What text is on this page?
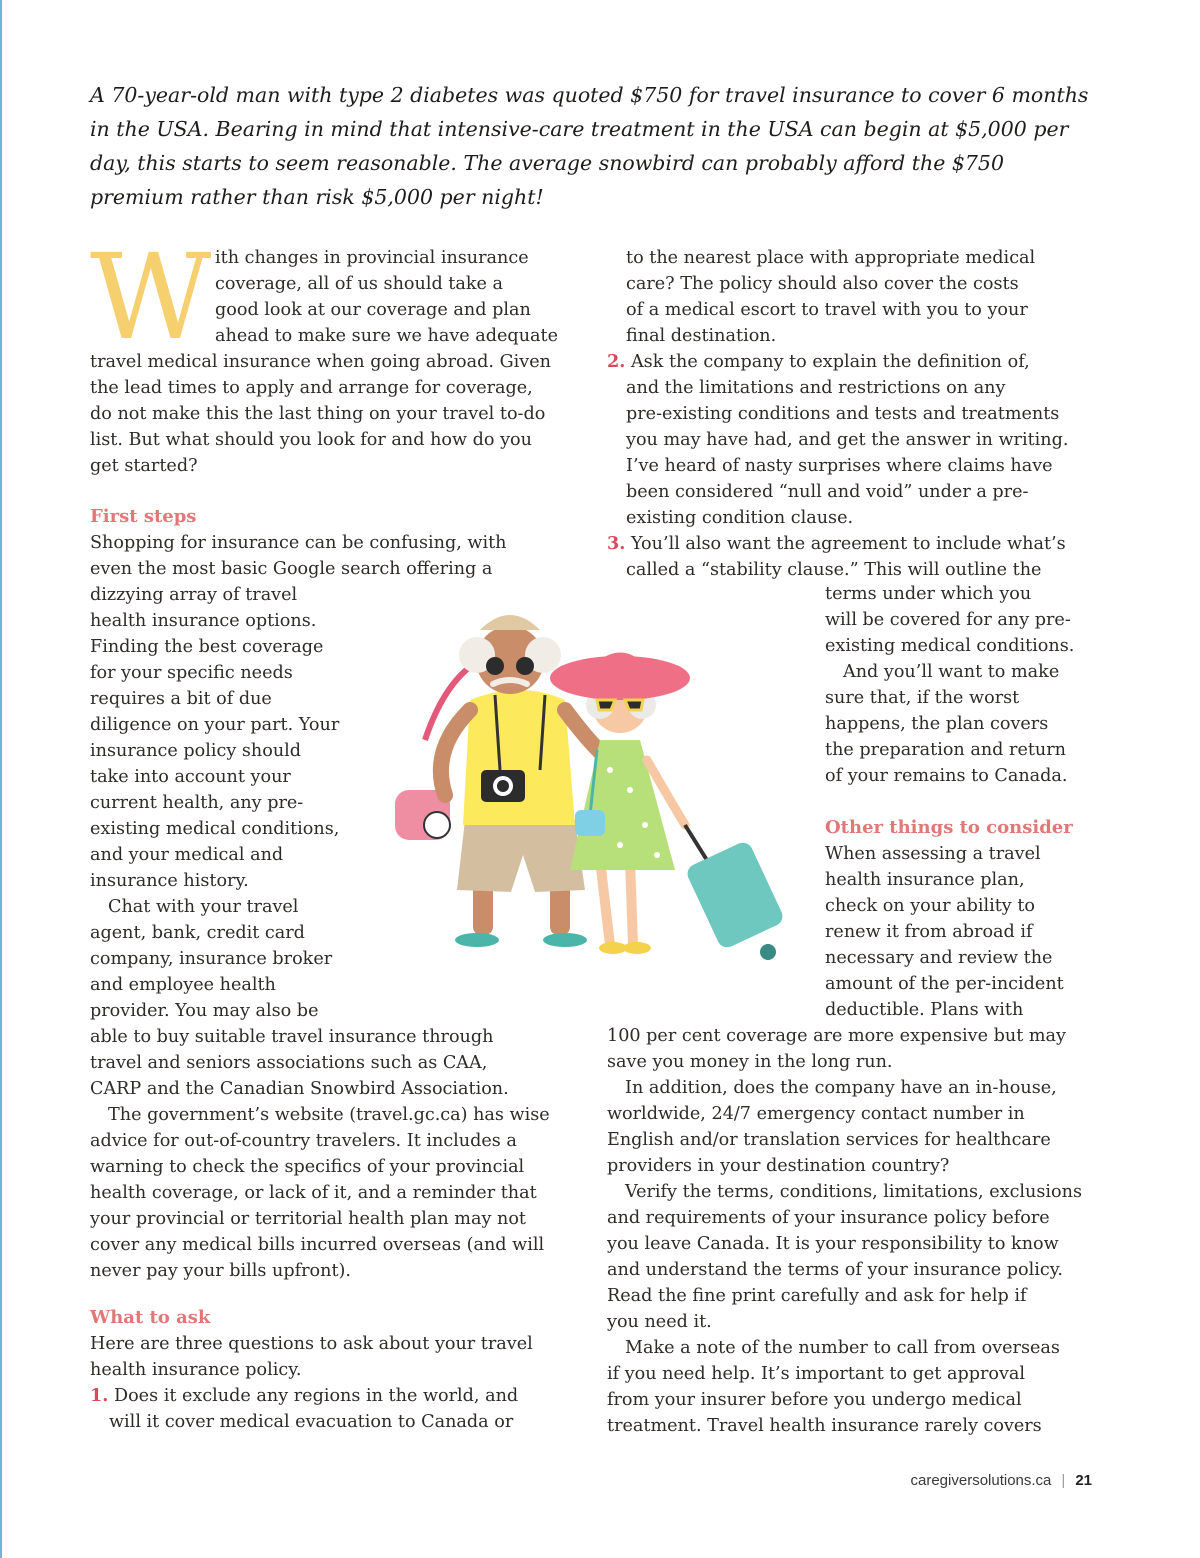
A 70-year-old man with type 2 diabetes was quoted $750 for travel insurance to cover 6 months in the USA. Bearing in mind that intensive-care treatment in the USA can begin at $5,000 per day, this starts to seem reasonable. The average snowbird can probably afford the $750 premium rather than risk $5,000 per night!

W ith changes in provincial insurance

coverage, all of us should take a

good look at our coverage and plan

ahead to make sure we have adequate

travel medical insurance when going abroad. Given the lead times to apply and arrange for coverage, do not make this the last thing on your travel to-do list. But what should you look for and how do you get started?

First steps

Shopping for insurance can be confusing, with

even the most basic Google search offering a

dizzying array of travel

health insurance options.

Finding the best coverage

for your specific needs

requires a bit of due

diligence on your part. Your

insurance policy should

take into account your

current health, any pre-

existing medical conditions,

and your medical and

insurance history.

Chat with your travel

agent, bank, credit card

company, insurance broker

and employee health

provider. You may also be

able to buy suitable travel insurance through

travel and seniors associations such as CAA,

CARP and the Canadian Snowbird Association.

The government’s website (travel.gc.ca) has wise

advice for out-of-country travelers. It includes a

warning to check the specifics of your provincial

health coverage, or lack of it, and a reminder that

your provincial or territorial health plan may not

cover any medical bills incurred overseas (and will

never pay your bills upfront).

What to ask

Here are three questions to ask about your travel

health insurance policy.

1. Does it exclude any regions in the world, and

will it cover medical evacuation to Canada or

to the nearest place with appropriate medical

care? The policy should also cover the costs

of a medical escort to travel with you to your

final destination.

2. Ask the company to explain the definition of,

and the limitations and restrictions on any

pre-existing conditions and tests and treatments

you may have had, and get the answer in writing.

I’ve heard of nasty surprises where claims have

been considered “null and void” under a pre-

existing condition clause.

3. You’ll also want the agreement to include what’s

called a “stability clause.” This will outline the

terms under which you

will be covered for any pre-

existing medical conditions.

And you’ll want to make

sure that, if the worst

happens, the plan covers

the preparation and return

of your remains to Canada.

Other things to consider

When assessing a travel

health insurance plan,

check on your ability to

renew it from abroad if

necessary and review the

amount of the per-incident

deductible. Plans with

100 per cent coverage are more expensive but may

save you money in the long run.

In addition, does the company have an in-house,

worldwide, 24/7 emergency contact number in

English and/or translation services for healthcare

providers in your destination country?

Verify the terms, conditions, limitations, exclusions

and requirements of your insurance policy before

you leave Canada. It is your responsibility to know

and understand the terms of your insurance policy.

Read the fine print carefully and ask for help if

you need it.

Make a note of the number to call from overseas

if you need help. It’s important to get approval

from your insurer before you undergo medical

treatment. Travel health insurance rarely covers

caregiversolutions.ca | 21
